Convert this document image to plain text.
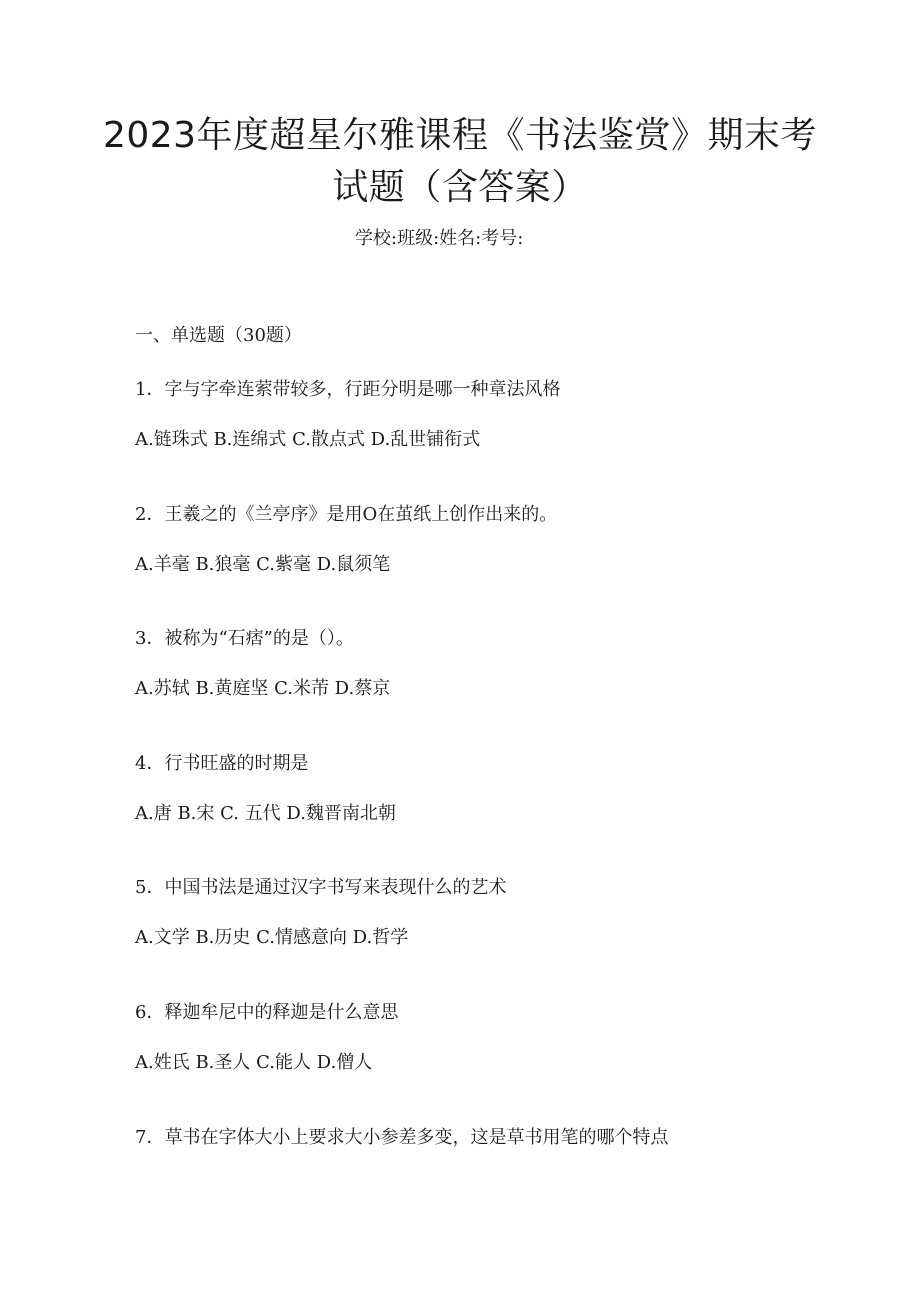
2023年度超星尔雅课程《书法鉴赏》期末考
试题（含答案）
学校:班级:姓名:考号:
一、单选题（30题）
1．字与字牵连萦带较多，行距分明是哪一种章法风格
A.链珠式 B.连绵式 C.散点式 D.乱世铺衔式
2．王羲之的《兰亭序》是用O在茧纸上创作出来的。
A.羊毫 B.狼毫 C.紫毫 D.鼠须笔
3．被称为“石痞”的是（）。
A.苏轼 B.黄庭坚 C.米芾 D.蔡京
4．行书旺盛的时期是
A.唐 B.宋 C. 五代 D.魏晋南北朝
5．中国书法是通过汉字书写来表现什么的艺术
A.文学 B.历史 C.情感意向 D.哲学
6．释迦牟尼中的释迦是什么意思
A.姓氏 B.圣人 C.能人 D.僧人
7．草书在字体大小上要求大小参差多变，这是草书用笔的哪个特点
